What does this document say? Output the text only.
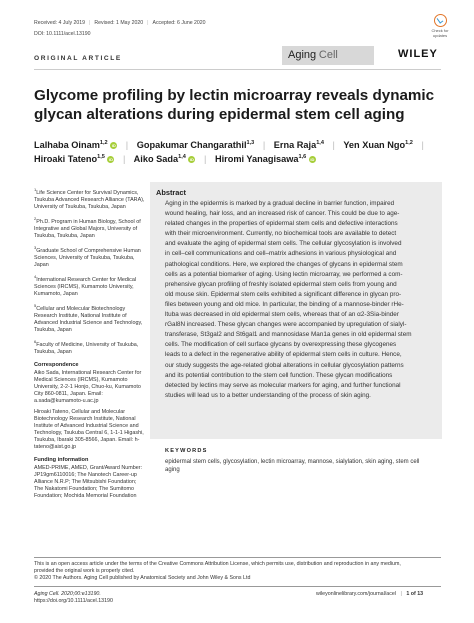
Received: 4 July 2019 | Revised: 1 May 2020 | Accepted: 6 June 2020
DOI: 10.1111/acel.13190
Check for
updates
ORIGINAL ARTICLE	Aging Cell	WILEY
Glycome profiling by lectin microarray reveals dynamic glycan alterations during epidermal stem cell aging
Lalhaba Oinam$^{1,2}$ iD | Gopakumar Changarathil$^{1,3}$ | Erna Raja$^{1,4}$ | Yen Xuan Ngo$^{1,2}$ |
Hiroaki Tateno$^{1,5}$ iD | Aiko Sada$^{1,4}$ iD | Hiromi Yanagisawa$^{1,6}$ iD

$^1$Life Science Center for Survival Dynamics, Tsukuba Advanced Research Alliance (TARA), University of Tsukuba, Tsukuba, Japan

$^2$Ph.D. Program in Human Biology, School of Integrative and Global Majors, University of Tsukuba, Tsukuba, Japan

$^3$Graduate School of Comprehensive Human Sciences, University of Tsukuba, Tsukuba, Japan

$^4$International Research Center for Medical Sciences (IRCMS), Kumamoto University, Kumamoto, Japan

$^5$Cellular and Molecular Biotechnology Research Institute, National Institute of Advanced Industrial Science and Technology, Tsukuba, Japan

$^6$Faculty of Medicine, University of Tsukuba, Tsukuba, Japan

Correspondence

Aiko Sada, International Research Center for Medical Sciences (IRCMS), Kumamoto University, 2-2-1 Honjo, Chuo-ku, Kumamoto City 860-0811, Japan. Email: a.sada@kumamoto-u.ac.jp

Hiroaki Tateno, Cellular and Molecular Biotechnology Research Institute, National Institute of Advanced Industrial Science and Technology, Tsukuba Central 6, 1-1-1 Higashi, Tsukuba, Ibaraki 305-8566, Japan. Email: h-tateno@aist.go.jp

Funding information

AMED-PRIME, AMED, Grant/Award Number: JP19gm6110016; The Nanotech Career-up Alliance N.R.P; The Mitsubishi Foundation; The Nakatomi Foundation; The Sumitomo Foundation; Mochida Memorial Foundation

Abstract
Aging in the epidermis is marked by a gradual decline in barrier function, impaired
wound healing, hair loss, and an increased risk of cancer. This could be due to age-
related changes in the properties of epidermal stem cells and defective interactions
with their microenvironment. Currently, no biochemical tools are available to detect
and evaluate the aging of epidermal stem cells. The cellular glycosylation is involved
in cell–cell communications and cell–matrix adhesions in various physiological and
pathological conditions. Here, we explored the changes of glycans in epidermal stem
cells as a potential biomarker of aging. Using lectin microarray, we performed a com-
prehensive glycan profiling of freshly isolated epidermal stem cells from young and
old mouse skin. Epidermal stem cells exhibited a significant difference in glycan pro-
files between young and old mice. In particular, the binding of a mannose-binder rHe-
ltuba was decreased in old epidermal stem cells, whereas that of an α2-3Sia-binder
rGal8N increased. These glycan changes were accompanied by upregulation of sialyl-
transferase, St3gal2 and St6gal1 and mannosidase Man1a genes in old epidermal stem
cells. The modification of cell surface glycans by overexpressing these glycogenes
leads to a defect in the regenerative ability of epidermal stem cells in culture. Hence,
our study suggests the age-related global alterations in cellular glycosylation patterns
and its potential contribution to the stem cell function. These glycan modifications
detected by lectins may serve as molecular markers for aging, and further functional
studies will lead us to a better understanding of the process of skin aging.
KEYWORDS
epidermal stem cells, glycosylation, lectin microarray, mannose, sialylation, skin aging, stem cell aging
This is an open access article under the terms of the Creative Commons Attribution License, which permits use, distribution and reproduction in any medium,
provided the original work is properly cited.
© 2020 The Authors. Aging Cell published by Anatomical Society and John Wiley & Sons Ltd
Aging Cell. 2020;00:e13190.
https://doi.org/10.1111/acel.13190
wileyonlinelibrary.com/journal/acel | 1 of 13
